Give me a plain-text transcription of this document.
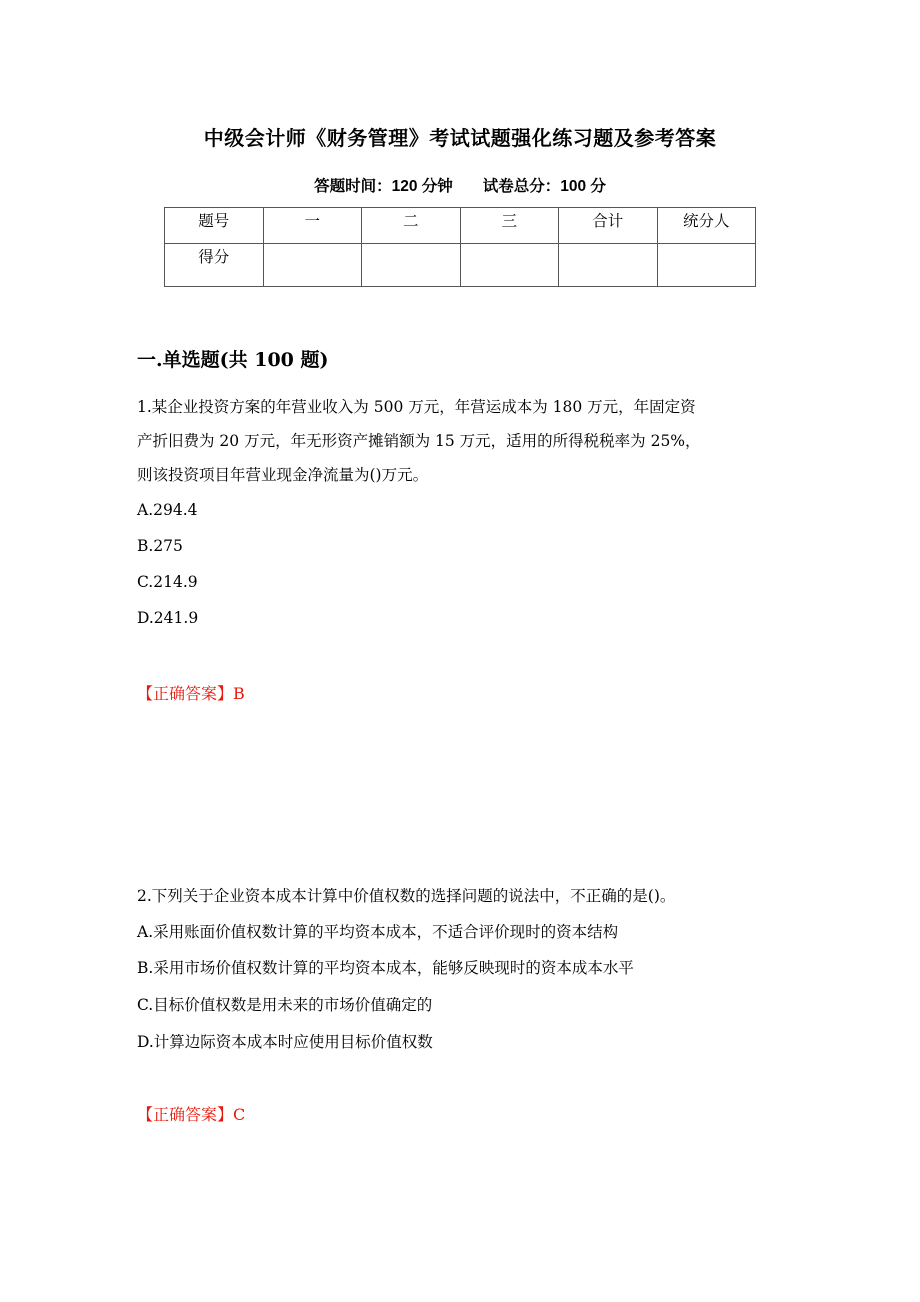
中级会计师《财务管理》考试试题强化练习题及参考答案
答题时间：120 分钟 试卷总分：100 分
题号	一	二	三	合计	统分人
得分					
一.单选题(共 100 题)
1.某企业投资方案的年营业收入为 500 万元，年营运成本为 180 万元，年固定资
产折旧费为 20 万元，年无形资产摊销额为 15 万元，适用的所得税税率为 25%，
则该投资项目年营业现金净流量为()万元。
A.294.4
B.275
C.214.9
D.241.9
【正确答案】B
2.下列关于企业资本成本计算中价值权数的选择问题的说法中，不正确的是()。
A.采用账面价值权数计算的平均资本成本，不适合评价现时的资本结构
B.采用市场价值权数计算的平均资本成本，能够反映现时的资本成本水平
C.目标价值权数是用未来的市场价值确定的
D.计算边际资本成本时应使用目标价值权数
【正确答案】C
